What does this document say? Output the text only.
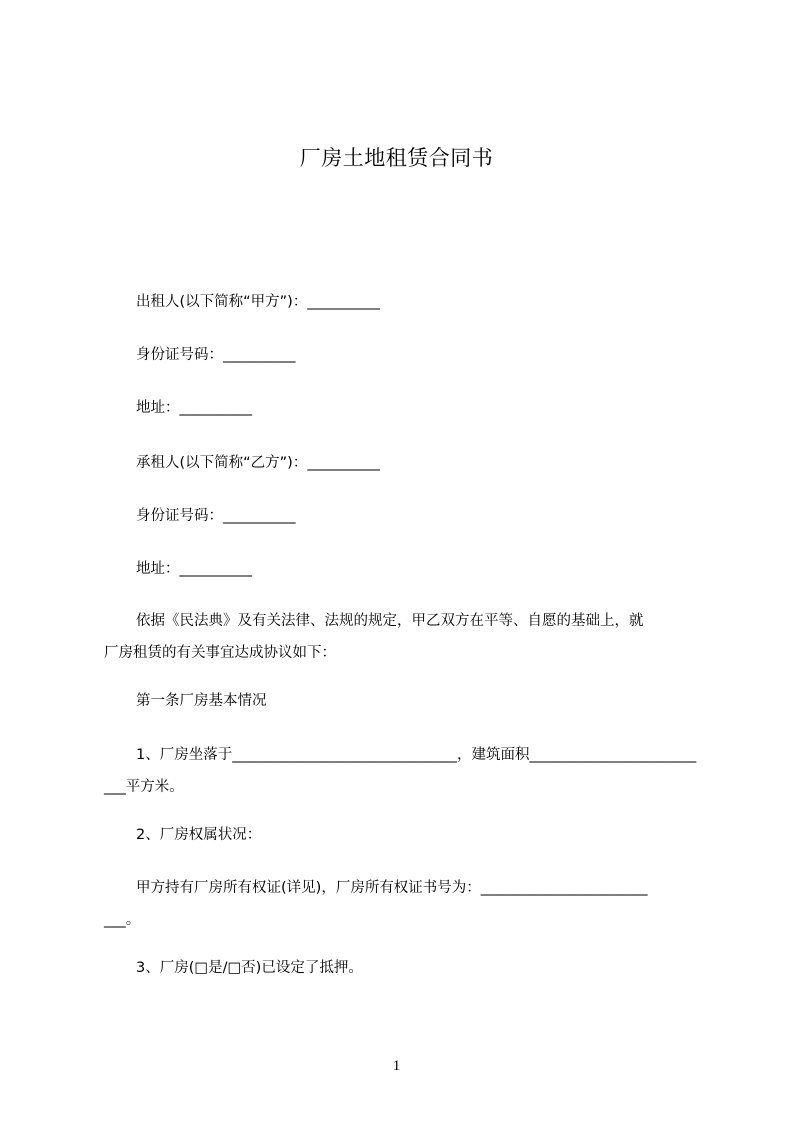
厂房土地租赁合同书
出租人(以下简称“甲方”)：__________
身份证号码：__________
地址：__________
承租人(以下简称“乙方”)：__________
身份证号码：__________
地址：__________
依据《民法典》及有关法律、法规的规定，甲乙双方在平等、自愿的基础上，就
厂房租赁的有关事宜达成协议如下：
第一条厂房基本情况
1、厂房坐落于_______________________________，建筑面积_______________________
___平方米。
2、厂房权属状况：
甲方持有厂房所有权证(详见)，厂房所有权证书号为：_______________________
___。
3、厂房(□是/□否)已设定了抵押。
1
